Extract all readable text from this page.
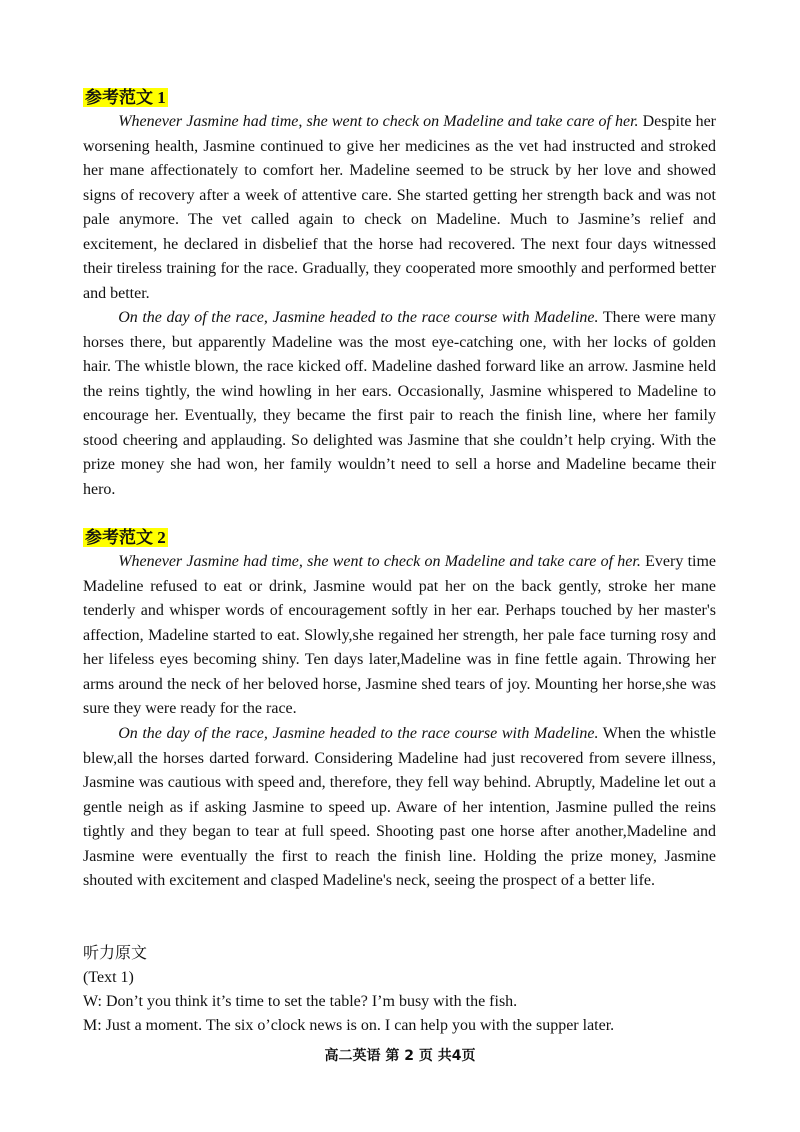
参考范文 1

Whenever Jasmine had time, she went to check on Madeline and take care of her. Despite her worsening health, Jasmine continued to give her medicines as the vet had instructed and stroked her mane affectionately to comfort her. Madeline seemed to be struck by her love and showed signs of recovery after a week of attentive care. She started getting her strength back and was not pale anymore. The vet called again to check on Madeline. Much to Jasmine’s relief and excitement, he declared in disbelief that the horse had recovered. The next four days witnessed their tireless training for the race. Gradually, they cooperated more smoothly and performed better and better.

On the day of the race, Jasmine headed to the race course with Madeline. There were many horses there, but apparently Madeline was the most eye-catching one, with her locks of golden hair. The whistle blown, the race kicked off. Madeline dashed forward like an arrow. Jasmine held the reins tightly, the wind howling in her ears. Occasionally, Jasmine whispered to Madeline to encourage her. Eventually, they became the first pair to reach the finish line, where her family stood cheering and applauding. So delighted was Jasmine that she couldn’t help crying. With the prize money she had won, her family wouldn’t need to sell a horse and Madeline became their hero.

参考范文 2

Whenever Jasmine had time, she went to check on Madeline and take care of her. Every time Madeline refused to eat or drink, Jasmine would pat her on the back gently, stroke her mane tenderly and whisper words of encouragement softly in her ear. Perhaps touched by her master's affection, Madeline started to eat. Slowly,she regained her strength, her pale face turning rosy and her lifeless eyes becoming shiny. Ten days later,Madeline was in fine fettle again. Throwing her arms around the neck of her beloved horse, Jasmine shed tears of joy. Mounting her horse,she was sure they were ready for the race.

On the day of the race, Jasmine headed to the race course with Madeline. When the whistle blew,all the horses darted forward. Considering Madeline had just recovered from severe illness, Jasmine was cautious with speed and, therefore, they fell way behind. Abruptly, Madeline let out a gentle neigh as if asking Jasmine to speed up. Aware of her intention, Jasmine pulled the reins tightly and they began to tear at full speed. Shooting past one horse after another,Madeline and Jasmine were eventually the first to reach the finish line. Holding the prize money, Jasmine shouted with excitement and clasped Madeline's neck, seeing the prospect of a better life.

听力原文
(Text 1)
W: Don’t you think it’s time to set the table? I’m busy with the fish.
M: Just a moment. The six o’clock news is on. I can help you with the supper later.
高二英语 第 2 页 共4页
